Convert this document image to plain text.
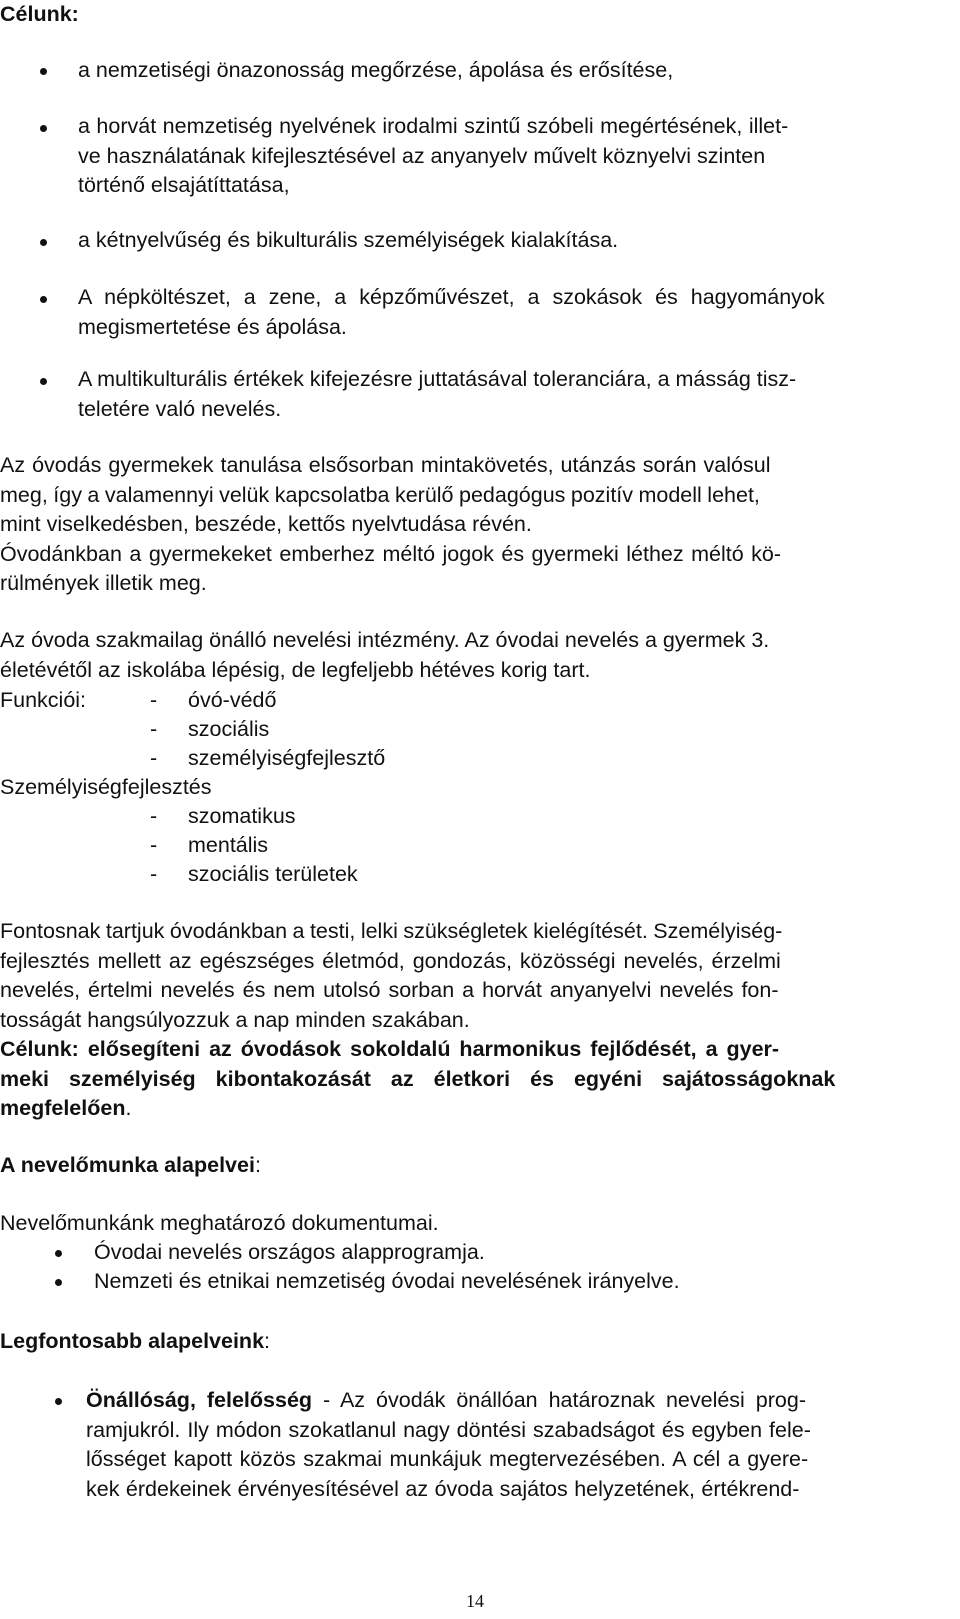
Célunk:
a nemzetiségi önazonosság megőrzése, ápolása és erősítése,
a horvát nemzetiség nyelvének irodalmi szintű szóbeli megértésének, illet-
ve használatának kifejlesztésével az anyanyelv művelt köznyelvi szinten
történő elsajátíttatása,
a kétnyelvűség és bikulturális személyiségek kialakítása.
A népköltészet, a zene, a képzőművészet, a szokások és hagyományok
megismertetése és ápolása.
A multikulturális értékek kifejezésre juttatásával toleranciára, a másság tisz-
teletére való nevelés.
Az óvodás gyermekek tanulása elsősorban mintakövetés, utánzás során valósul
meg, így a valamennyi velük kapcsolatba kerülő pedagógus pozitív modell lehet,
mint viselkedésben, beszéde, kettős nyelvtudása révén.
Óvodánkban a gyermekeket emberhez méltó jogok és gyermeki léthez méltó kö-
rülmények illetik meg.
Az óvoda szakmailag önálló nevelési intézmény. Az óvodai nevelés a gyermek 3.
életévétől az iskolába lépésig, de legfeljebb hétéves korig tart.
Funkciói:	- óvó-védő
- szociális
- személyiségfejlesztő
Személyiségfejlesztés
- szomatikus
- mentális
- szociális területek
Fontosnak tartjuk óvodánkban a testi, lelki szükségletek kielégítését. Személyiség-
fejlesztés mellett az egészséges életmód, gondozás, közösségi nevelés, érzelmi
nevelés, értelmi nevelés és nem utolsó sorban a horvát anyanyelvi nevelés fon-
tosságát hangsúlyozzuk a nap minden szakában.
Célunk: elősegíteni az óvodások sokoldalú harmonikus fejlődését, a gyer-
meki személyiség kibontakozását az életkori és egyéni sajátosságoknak
megfelelően.
A nevelőmunka alapelvei:
Nevelőmunkánk meghatározó dokumentumai.
Óvodai nevelés országos alapprogramja.
Nemzeti és etnikai nemzetiség óvodai nevelésének irányelve.
Legfontosabb alapelveink:
Önállóság, felelősség - Az óvodák önállóan határoznak nevelési prog-
ramjukról. Ily módon szokatlanul nagy döntési szabadságot és egyben fele-
lősséget kapott közös szakmai munkájuk megtervezésében. A cél a gyere-
kek érdekeinek érvényesítésével az óvoda sajátos helyzetének, értékrend-
14
